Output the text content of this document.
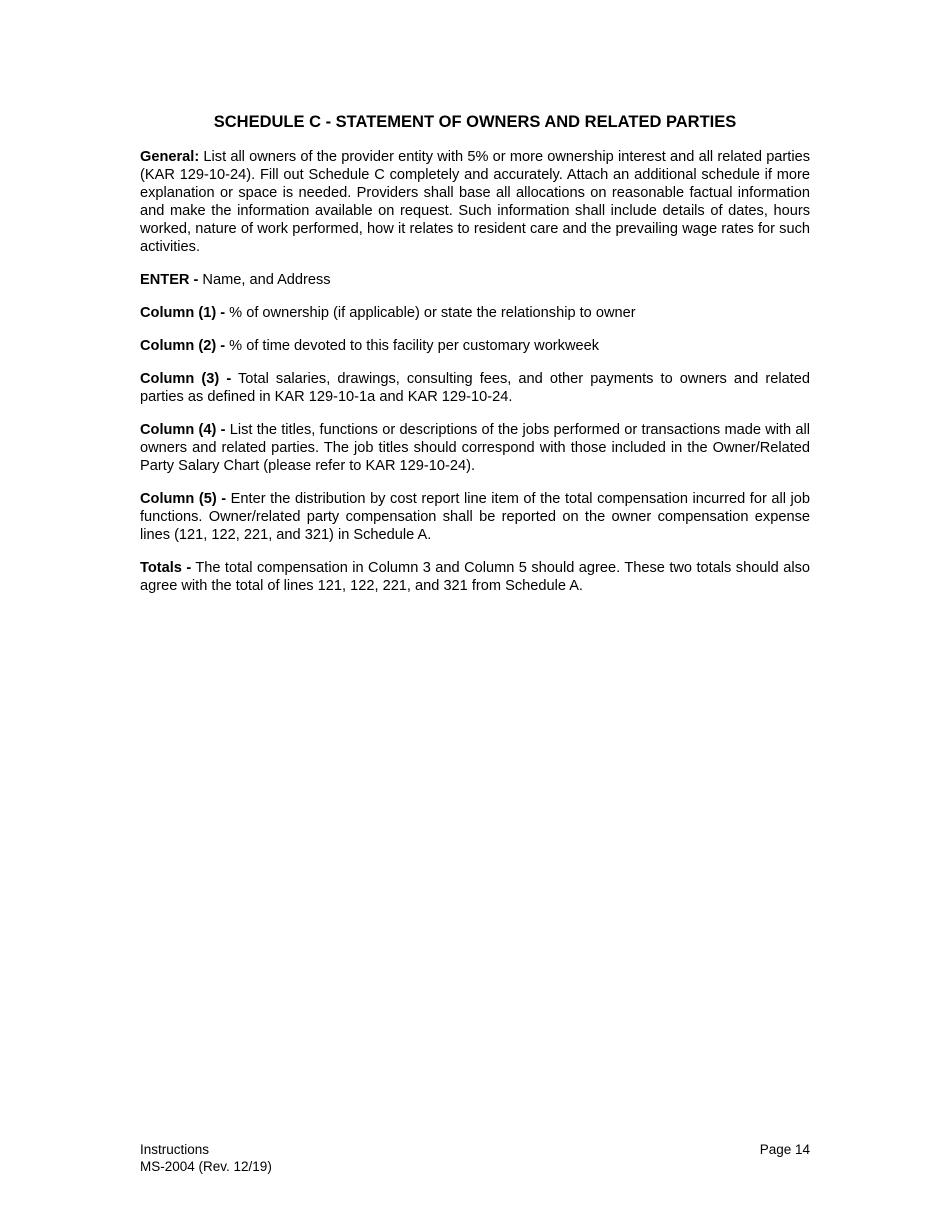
SCHEDULE C - STATEMENT OF OWNERS AND RELATED PARTIES

General: List all owners of the provider entity with 5% or more ownership interest and all related parties (KAR 129-10-24). Fill out Schedule C completely and accurately. Attach an additional schedule if more explanation or space is needed. Providers shall base all allocations on reasonable factual information and make the information available on request. Such information shall include details of dates, hours worked, nature of work performed, how it relates to resident care and the prevailing wage rates for such activities.

ENTER - Name, and Address

Column (1) - % of ownership (if applicable) or state the relationship to owner

Column (2) - % of time devoted to this facility per customary workweek

Column (3) - Total salaries, drawings, consulting fees, and other payments to owners and related parties as defined in KAR 129-10-1a and KAR 129-10-24.

Column (4) - List the titles, functions or descriptions of the jobs performed or transactions made with all owners and related parties. The job titles should correspond with those included in the Owner/Related Party Salary Chart (please refer to KAR 129-10-24).

Column (5) - Enter the distribution by cost report line item of the total compensation incurred for all job functions. Owner/related party compensation shall be reported on the owner compensation expense lines (121, 122, 221, and 321) in Schedule A.

Totals - The total compensation in Column 3 and Column 5 should agree. These two totals should also agree with the total of lines 121, 122, 221, and 321 from Schedule A.

Instructions
MS-2004 (Rev. 12/19)
Page 14
